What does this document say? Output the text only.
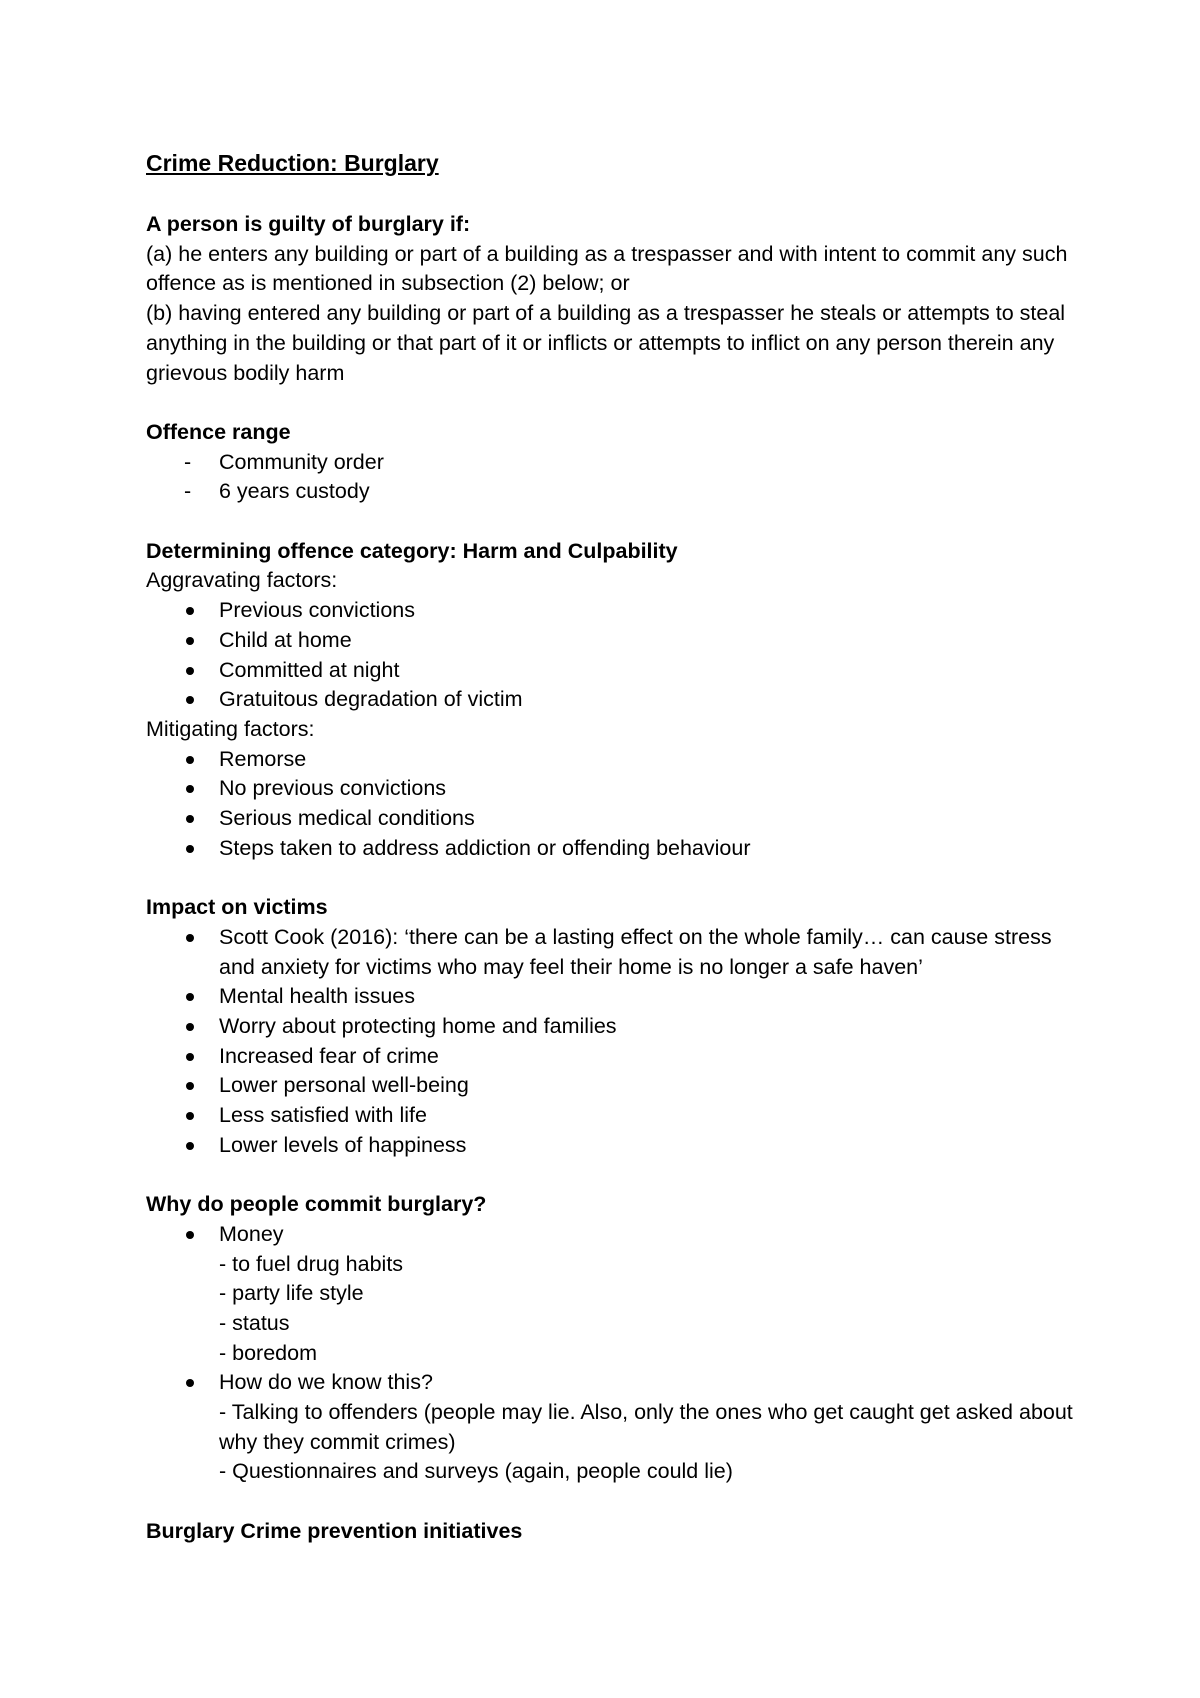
Crime Reduction: Burglary

A person is guilty of burglary if:

(a) he enters any building or part of a building as a trespasser and with intent to commit any such offence as is mentioned in subsection (2) below; or

(b) having entered any building or part of a building as a trespasser he steals or attempts to steal anything in the building or that part of it or inflicts or attempts to inflict on any person therein any grievous bodily harm

Offence range

-	Community order
-	6 years custody

Determining offence category: Harm and Culpability

Aggravating factors:

Previous convictions
Child at home
Committed at night
Gratuitous degradation of victim

Mitigating factors:

Remorse
No previous convictions
Serious medical conditions
Steps taken to address addiction or offending behaviour

Impact on victims

Scott Cook (2016): ‘there can be a lasting effect on the whole family… can cause stress and anxiety for victims who may feel their home is no longer a safe haven’
Mental health issues
Worry about protecting home and families
Increased fear of crime
Lower personal well-being
Less satisfied with life
Lower levels of happiness

Why do people commit burglary?

Money
- to fuel drug habits
- party life style
- status
- boredom
How do we know this?
- Talking to offenders (people may lie. Also, only the ones who get caught get asked about why they commit crimes)
- Questionnaires and surveys (again, people could lie)

Burglary Crime prevention initiatives
